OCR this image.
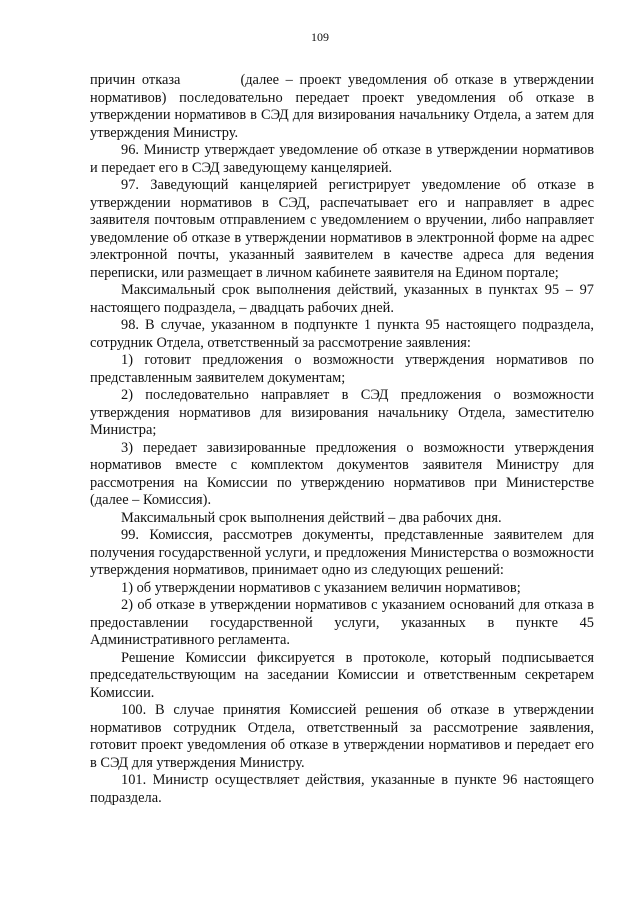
109

причин отказа	(далее – проект уведомления об отказе в утверждении нормативов) последовательно передает проект уведомления об отказе в утверждении нормативов в СЭД для визирования начальнику Отдела, а затем для утверждения Министру.

96. Министр утверждает уведомление об отказе в утверждении нормативов и передает его в СЭД заведующему канцелярией.

97. Заведующий канцелярией регистрирует уведомление об отказе в утверждении нормативов в СЭД, распечатывает его и направляет в адрес заявителя почтовым отправлением с уведомлением о вручении, либо направляет уведомление об отказе в утверждении нормативов в электронной форме на адрес электронной почты, указанный заявителем в качестве адреса для ведения переписки, или размещает в личном кабинете заявителя на Едином портале;

Максимальный срок выполнения действий, указанных в пунктах 95 – 97 настоящего подраздела, – двадцать рабочих дней.

98. В случае, указанном в подпункте 1 пункта 95 настоящего подраздела, сотрудник Отдела, ответственный за рассмотрение заявления:

1) готовит предложения о возможности утверждения нормативов по представленным заявителем документам;

2) последовательно направляет в СЭД предложения о возможности утверждения нормативов для визирования начальнику Отдела, заместителю Министра;

3) передает завизированные предложения о возможности утверждения нормативов вместе с комплектом документов заявителя Министру для рассмотрения на Комиссии по утверждению нормативов при Министерстве (далее – Комиссия).

Максимальный срок выполнения действий – два рабочих дня.

99. Комиссия, рассмотрев документы, представленные заявителем для получения государственной услуги, и предложения Министерства о возможности утверждения нормативов, принимает одно из следующих решений:

1) об утверждении нормативов с указанием величин нормативов;

2) об отказе в утверждении нормативов с указанием оснований для отказа в предоставлении государственной услуги, указанных в пункте 45 Административного регламента.

Решение Комиссии фиксируется в протоколе, который подписывается председательствующим на заседании Комиссии и ответственным секретарем Комиссии.

100. В случае принятия Комиссией решения об отказе в утверждении нормативов сотрудник Отдела, ответственный за рассмотрение заявления, готовит проект уведомления об отказе в утверждении нормативов и передает его в СЭД для утверждения Министру.

101. Министр осуществляет действия, указанные в пункте 96 настоящего подраздела.
